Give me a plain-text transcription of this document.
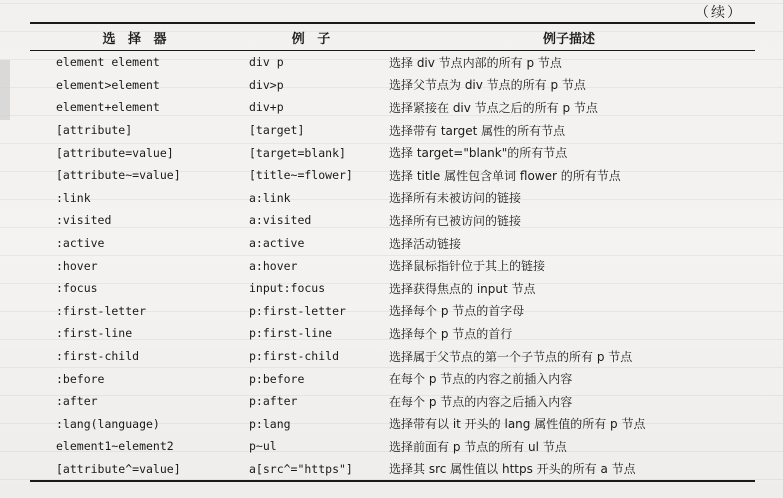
（续）
选 择 器	例 子	例子描述
element element	div p	选择 div 节点内部的所有 p 节点
element>element	div>p	选择父节点为 div 节点的所有 p 节点
element+element	div+p	选择紧接在 div 节点之后的所有 p 节点
[attribute]	[target]	选择带有 target 属性的所有节点
[attribute=value]	[target=blank]	选择 target="blank"的所有节点
[attribute~=value]	[title~=flower]	选择 title 属性包含单词 flower 的所有节点
:link	a:link	选择所有未被访问的链接
:visited	a:visited	选择所有已被访问的链接
:active	a:active	选择活动链接
:hover	a:hover	选择鼠标指针位于其上的链接
:focus	input:focus	选择获得焦点的 input 节点
:first-letter	p:first-letter	选择每个 p 节点的首字母
:first-line	p:first-line	选择每个 p 节点的首行
:first-child	p:first-child	选择属于父节点的第一个子节点的所有 p 节点
:before	p:before	在每个 p 节点的内容之前插入内容
:after	p:after	在每个 p 节点的内容之后插入内容
:lang(language)	p:lang	选择带有以 it 开头的 lang 属性值的所有 p 节点
element1~element2	p~ul	选择前面有 p 节点的所有 ul 节点
[attribute^=value]	a[src^="https"]	选择其 src 属性值以 https 开头的所有 a 节点
